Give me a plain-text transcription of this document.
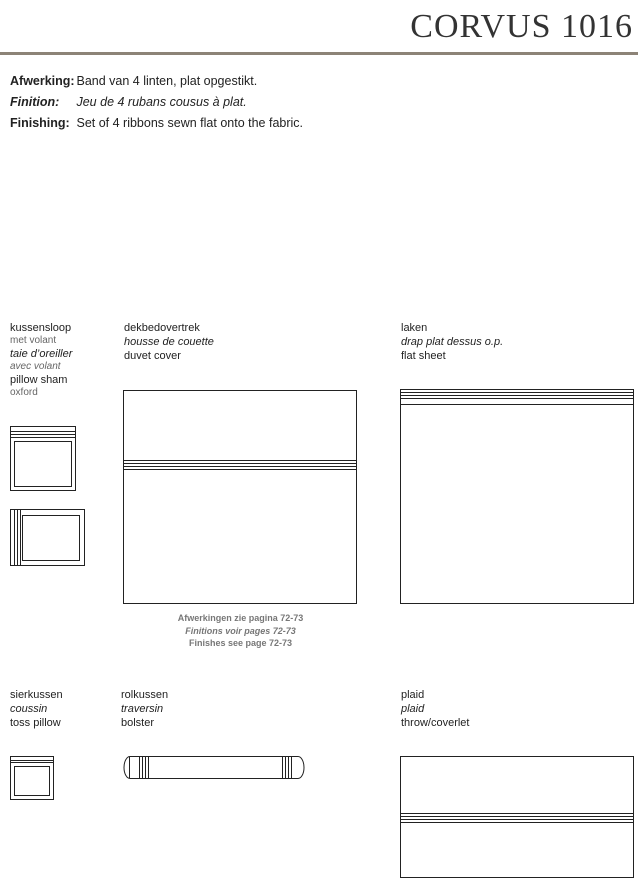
CORVUS 1016
Afwerking: Band van 4 linten, plat opgestikt.
Finition: Jeu de 4 rubans cousus à plat.
Finishing: Set of 4 ribbons sewn flat onto the fabric.
kussensloop
met volant
taie d’oreiller
avec volant
pillow sham
oxford
dekbedovertrek
housse de couette
duvet cover
laken
drap plat dessus o.p.
flat sheet
sierkussen
coussin
toss pillow
rolkussen
traversin
bolster
plaid
plaid
throw/coverlet
Afwerkingen zie pagina 72-73
Finitions voir pages 72-73
Finishes see page 72-73
